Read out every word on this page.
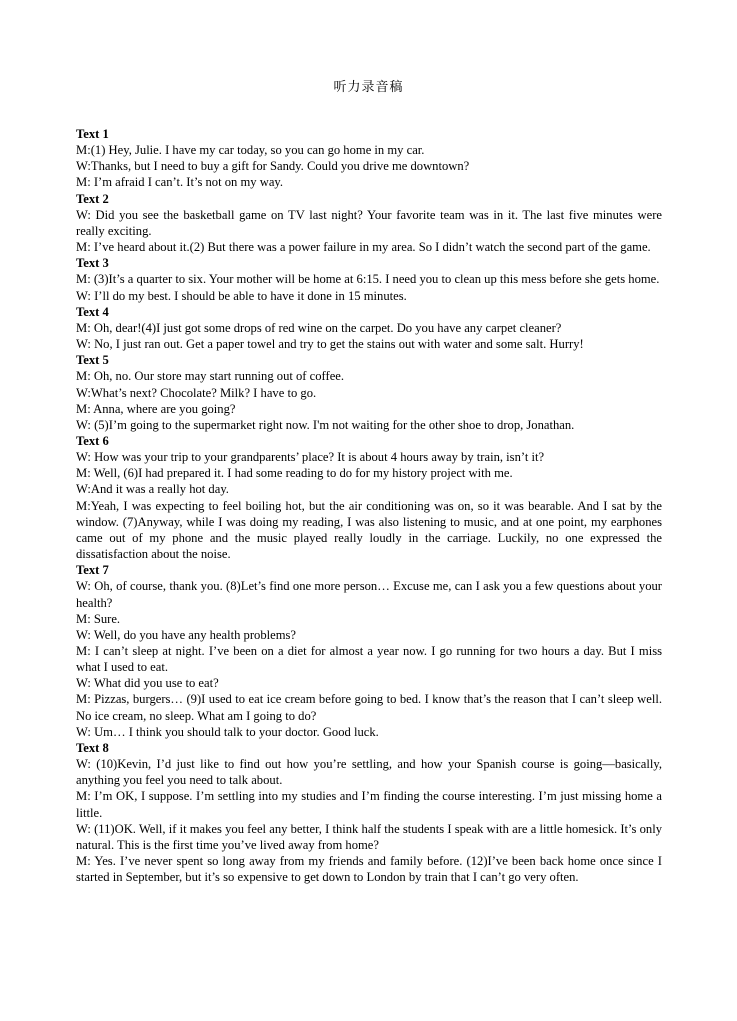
听力录音稿

Text 1

M:(1) Hey, Julie. I have my car today, so you can go home in my car.

W:Thanks, but I need to buy a gift for Sandy. Could you drive me downtown?

M: I’m afraid I can’t. It’s not on my way.

Text 2

W: Did you see the basketball game on TV last night? Your favorite team was in it. The last five minutes were really exciting.

M: I’ve heard about it.(2) But there was a power failure in my area. So I didn’t watch the second part of the game.

Text 3

M: (3)It’s a quarter to six. Your mother will be home at 6:15. I need you to clean up this mess before she gets home.

W: I’ll do my best. I should be able to have it done in 15 minutes.

Text 4

M: Oh, dear!(4)I just got some drops of red wine on the carpet. Do you have any carpet cleaner?

W: No, I just ran out. Get a paper towel and try to get the stains out with water and some salt. Hurry!

Text 5

M: Oh, no. Our store may start running out of coffee.

W:What’s next? Chocolate? Milk? I have to go.

M: Anna, where are you going?

W: (5)I’m going to the supermarket right now. I'm not waiting for the other shoe to drop, Jonathan.

Text 6

W: How was your trip to your grandparents’ place? It is about 4 hours away by train, isn’t it?

M: Well, (6)I had prepared it. I had some reading to do for my history project with me.

W:And it was a really hot day.

M:Yeah, I was expecting to feel boiling hot, but the air conditioning was on, so it was bearable. And I sat by the window. (7)Anyway, while I was doing my reading, I was also listening to music, and at one point, my earphones came out of my phone and the music played really loudly in the carriage. Luckily, no one expressed the dissatisfaction about the noise.

Text 7

W: Oh, of course, thank you. (8)Let’s find one more person… Excuse me, can I ask you a few questions about your health?

M: Sure.

W: Well, do you have any health problems?

M: I can’t sleep at night. I’ve been on a diet for almost a year now. I go running for two hours a day. But I miss what I used to eat.

W: What did you use to eat?

M: Pizzas, burgers… (9)I used to eat ice cream before going to bed. I know that’s the reason that I can’t sleep well. No ice cream, no sleep. What am I going to do?

W: Um… I think you should talk to your doctor. Good luck.

Text 8

W: (10)Kevin, I’d just like to find out how you’re settling, and how your Spanish course is going—basically, anything you feel you need to talk about.

M: I’m OK, I suppose. I’m settling into my studies and I’m finding the course interesting. I’m just missing home a little.

W: (11)OK. Well, if it makes you feel any better, I think half the students I speak with are a little homesick. It’s only natural. This is the first time you’ve lived away from home?

M: Yes. I’ve never spent so long away from my friends and family before. (12)I’ve been back home once since I started in September, but it’s so expensive to get down to London by train that I can’t go very often.
